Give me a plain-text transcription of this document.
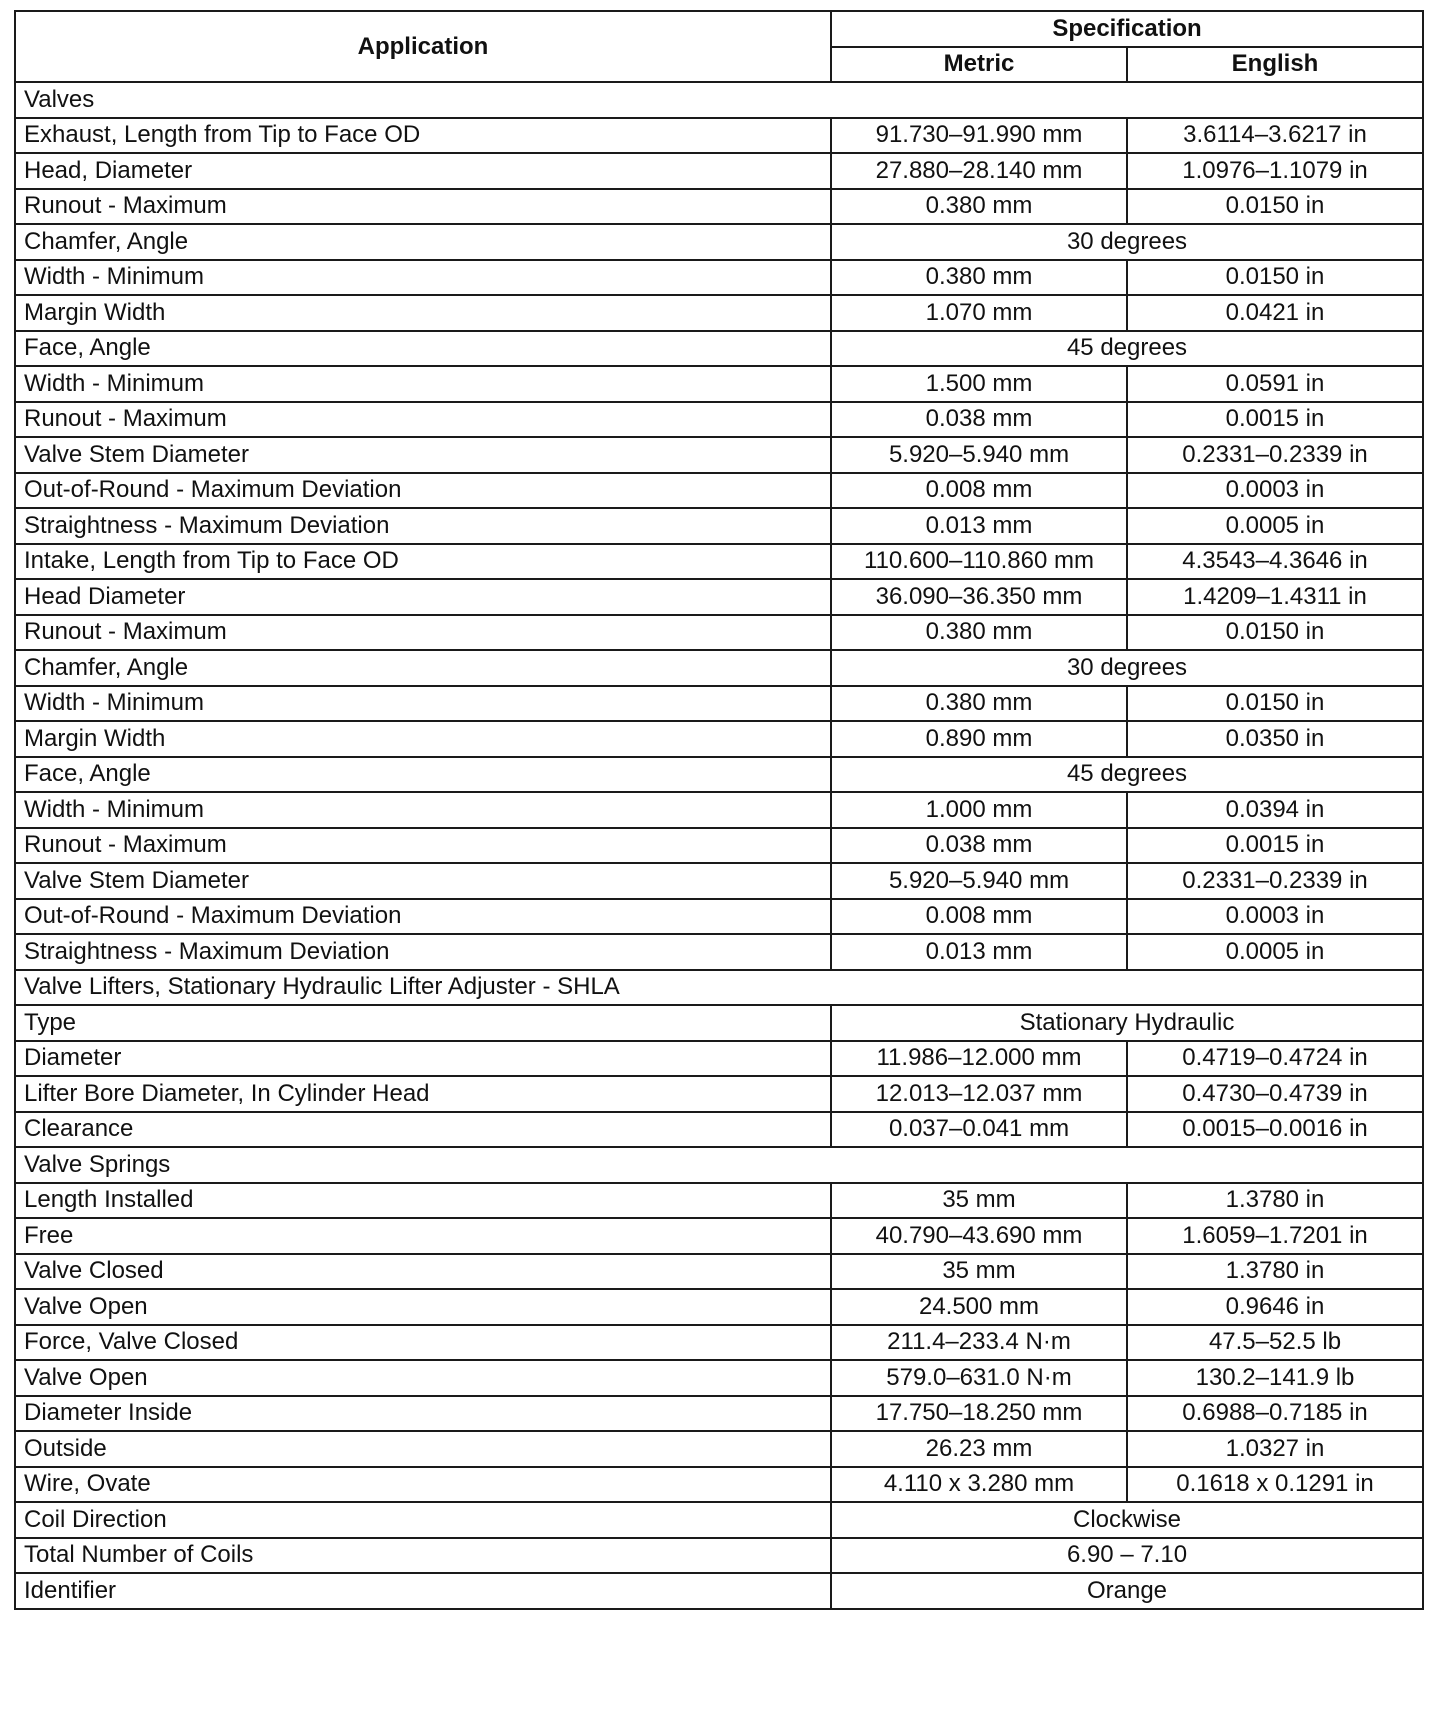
Application	Specification	
	Metric	English
Valves		
Exhaust, Length from Tip to Face OD	91.730–91.990 mm	3.6114–3.6217 in
Head, Diameter	27.880–28.140 mm	1.0976–1.1079 in
Runout - Maximum	0.380 mm	0.0150 in
Chamfer, Angle	30 degrees	
Width - Minimum	0.380 mm	0.0150 in
Margin Width	1.070 mm	0.0421 in
Face, Angle	45 degrees	
Width - Minimum	1.500 mm	0.0591 in
Runout - Maximum	0.038 mm	0.0015 in
Valve Stem Diameter	5.920–5.940 mm	0.2331–0.2339 in
Out-of-Round - Maximum Deviation	0.008 mm	0.0003 in
Straightness - Maximum Deviation	0.013 mm	0.0005 in
Intake, Length from Tip to Face OD	110.600–110.860 mm	4.3543–4.3646 in
Head Diameter	36.090–36.350 mm	1.4209–1.4311 in
Runout - Maximum	0.380 mm	0.0150 in
Chamfer, Angle	30 degrees	
Width - Minimum	0.380 mm	0.0150 in
Margin Width	0.890 mm	0.0350 in
Face, Angle	45 degrees	
Width - Minimum	1.000 mm	0.0394 in
Runout - Maximum	0.038 mm	0.0015 in
Valve Stem Diameter	5.920–5.940 mm	0.2331–0.2339 in
Out-of-Round - Maximum Deviation	0.008 mm	0.0003 in
Straightness - Maximum Deviation	0.013 mm	0.0005 in
Valve Lifters, Stationary Hydraulic Lifter Adjuster - SHLA		
Type	Stationary Hydraulic	
Diameter	11.986–12.000 mm	0.4719–0.4724 in
Lifter Bore Diameter, In Cylinder Head	12.013–12.037 mm	0.4730–0.4739 in
Clearance	0.037–0.041 mm	0.0015–0.0016 in
Valve Springs		
Length Installed	35 mm	1.3780 in
Free	40.790–43.690 mm	1.6059–1.7201 in
Valve Closed	35 mm	1.3780 in
Valve Open	24.500 mm	0.9646 in
Force, Valve Closed	211.4–233.4 N·m	47.5–52.5 lb
Valve Open	579.0–631.0 N·m	130.2–141.9 lb
Diameter Inside	17.750–18.250 mm	0.6988–0.7185 in
Outside	26.23 mm	1.0327 in
Wire, Ovate	4.110 x 3.280 mm	0.1618 x 0.1291 in
Coil Direction	Clockwise	
Total Number of Coils	6.90 – 7.10	
Identifier	Orange	
